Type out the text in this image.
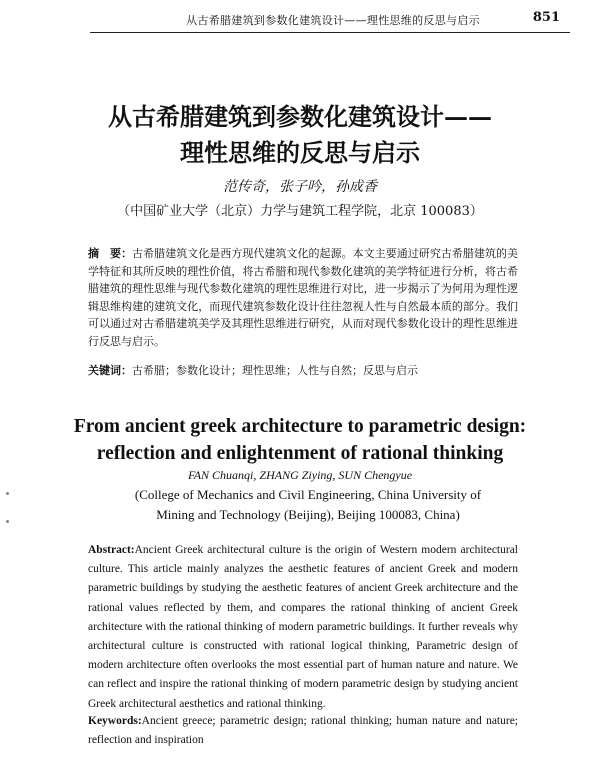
从古希腊建筑到参数化建筑设计——理性思维的反思与启示	851
从古希腊建筑到参数化建筑设计——
理性思维的反思与启示
范传奇，张子吟，孙成香
（中国矿业大学（北京）力学与建筑工程学院，北京 100083）
摘　要：古希腊建筑文化是西方现代建筑文化的起源。本文主要通过研究古希腊建筑的美学特征和其所反映的理性价值，将古希腊和现代参数化建筑的美学特征进行分析，将古希腊建筑的理性思维与现代参数化建筑的理性思维进行对比，进一步揭示了为何用为理性逻辑思维构建的建筑文化，而现代建筑参数化设计往往忽视人性与自然最本质的部分。我们可以通过对古希腊建筑美学及其理性思维进行研究，从而对现代参数化设计的理性思维进行反思与启示。
关键词：古希腊；参数化设计；理性思维；人性与自然；反思与启示
From ancient greek architecture to parametric design:
reflection and enlightenment of rational thinking
FAN Chuanqi, ZHANG Ziying, SUN Chengyue
(College of Mechanics and Civil Engineering, China University of
Mining and Technology (Beijing), Beijing 100083, China)
Abstract:Ancient Greek architectural culture is the origin of Western modern architectural culture. This article mainly analyzes the aesthetic features of ancient Greek and modern parametric buildings by studying the aesthetic features of ancient Greek architecture and the rational values reflected by them, and compares the rational thinking of ancient Greek architecture with the rational thinking of modern parametric buildings. It further reveals why architectural culture is constructed with rational logical thinking, Parametric design of modern architecture often overlooks the most essential part of human nature and nature. We can reflect and inspire the rational thinking of modern parametric design by studying ancient Greek architectural aesthetics and rational thinking.
Keywords:Ancient greece; parametric design; rational thinking; human nature and nature; reflection and inspiration
